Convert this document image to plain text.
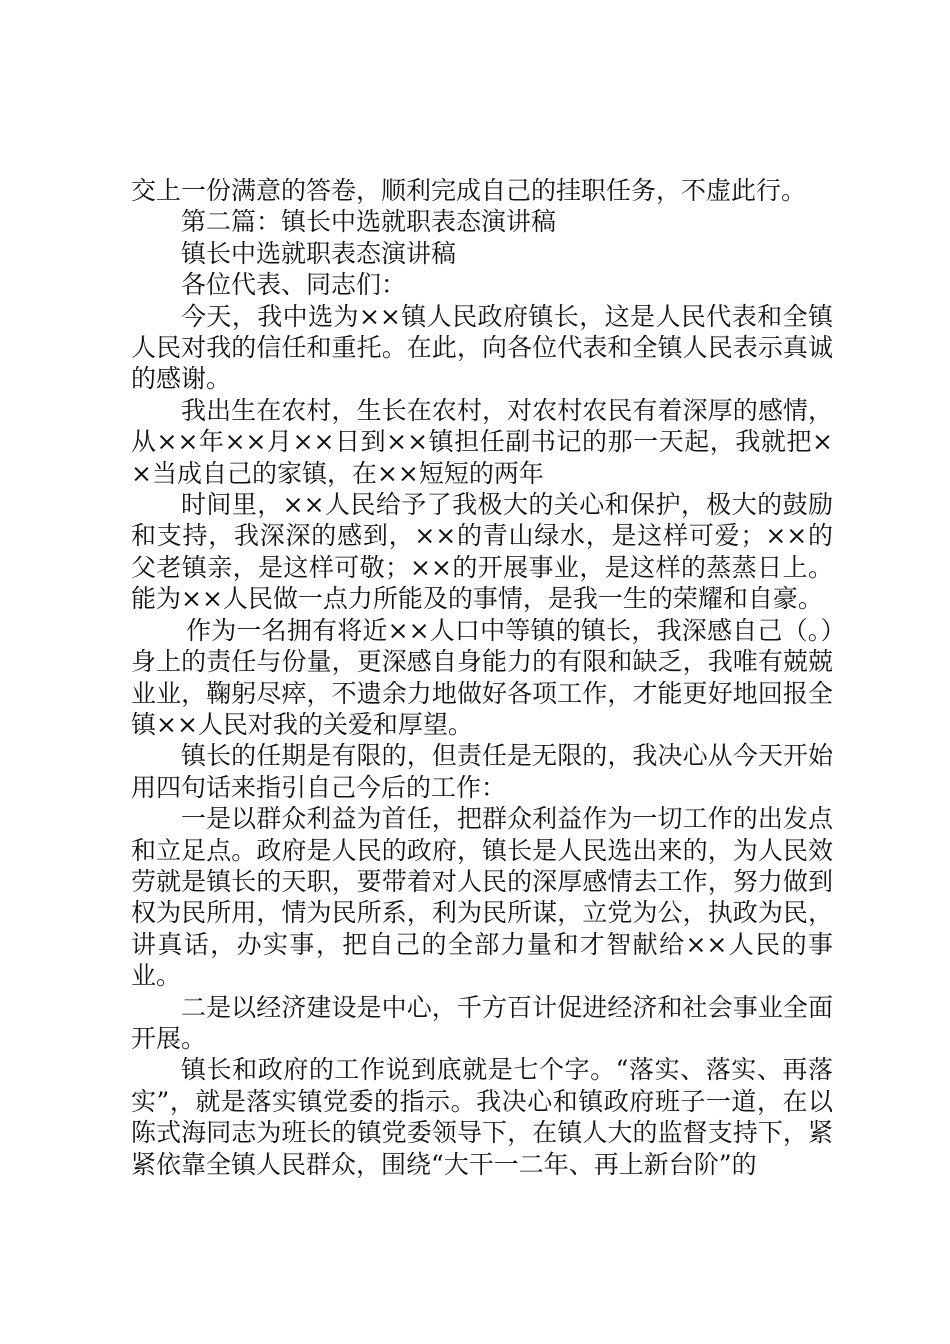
交上一份满意的答卷，顺利完成自己的挂职任务，不虚此行。

第二篇：镇长中选就职表态演讲稿

镇长中选就职表态演讲稿

各位代表、同志们：

今天，我中选为××镇人民政府镇长，这是人民代表和全镇人民对我的信任和重托。在此，向各位代表和全镇人民表示真诚的感谢。

我出生在农村，生长在农村，对农村农民有着深厚的感情，从××年××月××日到××镇担任副书记的那一天起，我就把××当成自己的家镇，在××短短的两年

时间里，××人民给予了我极大的关心和保护，极大的鼓励和支持，我深深的感到，××的青山绿水，是这样可爱；××的父老镇亲，是这样可敬；××的开展事业，是这样的蒸蒸日上。能为××人民做一点力所能及的事情，是我一生的荣耀和自豪。

作为一名拥有将近××人口中等镇的镇长，我深感自己（。）身上的责任与份量，更深感自身能力的有限和缺乏，我唯有兢兢业业，鞠躬尽瘁，不遗余力地做好各项工作，才能更好地回报全镇××人民对我的关爱和厚望。

镇长的任期是有限的，但责任是无限的，我决心从今天开始用四句话来指引自己今后的工作：

一是以群众利益为首任，把群众利益作为一切工作的出发点和立足点。政府是人民的政府，镇长是人民选出来的，为人民效劳就是镇长的天职，要带着对人民的深厚感情去工作，努力做到权为民所用，情为民所系，利为民所谋，立党为公，执政为民，讲真话，办实事，把自己的全部力量和才智献给××人民的事业。

二是以经济建设是中心，千方百计促进经济和社会事业全面开展。

镇长和政府的工作说到底就是七个字。“落实、落实、再落实”，就是落实镇党委的指示。我决心和镇政府班子一道，在以陈式海同志为班长的镇党委领导下，在镇人大的监督支持下，紧紧依靠全镇人民群众，围绕“大干一二年、再上新台阶”的
